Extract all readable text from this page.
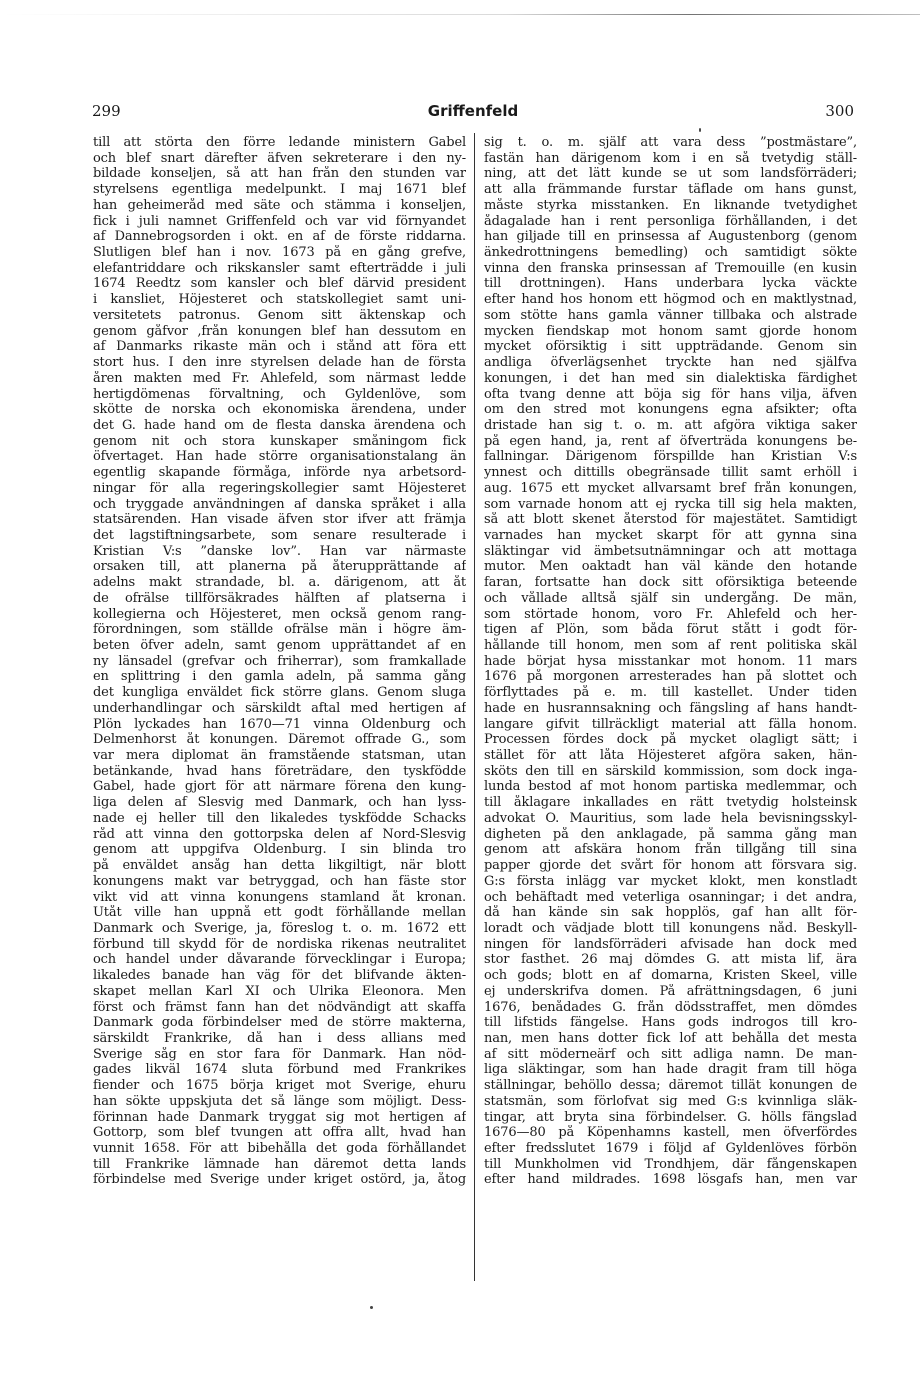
299	Griffenfeld	300
till att störta den förre ledande ministern Gabel
och blef snart därefter äfven sekreterare i den ny-
bildade konseljen, så att han från den stunden var
styrelsens egentliga medelpunkt. I maj 1671 blef
han geheimeråd med säte och stämma i konseljen,
fick i juli namnet Griffenfeld och var vid förnyandet
af Dannebrogsorden i okt. en af de förste riddarna.
Slutligen blef han i nov. 1673 på en gång grefve,
elefantriddare och rikskansler samt efterträdde i juli
1674 Reedtz som kansler och blef därvid president
i kansliet, Höjesteret och statskollegiet samt uni-
versitetets patronus. Genom sitt äktenskap och
genom gåfvor ,från konungen blef han dessutom en
af Danmarks rikaste män och i stånd att föra ett
stort hus. I den inre styrelsen delade han de första
åren makten med Fr. Ahlefeld, som närmast ledde
hertigdömenas förvaltning, och Gyldenlöve, som
skötte de norska och ekonomiska ärendena, under
det G. hade hand om de flesta danska ärendena och
genom nit och stora kunskaper småningom fick
öfvertaget. Han hade större organisationstalang än
egentlig skapande förmåga, införde nya arbetsord-
ningar för alla regeringskollegier samt Höjesteret
och tryggade användningen af danska språket i alla
statsärenden. Han visade äfven stor ifver att främja
det lagstiftningsarbete, som senare resulterade i
Kristian V:s ”danske lov”. Han var närmaste
orsaken till, att planerna på återupprättande af
adelns makt strandade, bl. a. därigenom, att åt
de ofrälse tillförsäkrades hälften af platserna i
kollegierna och Höjesteret, men också genom rang-
förordningen, som ställde ofrälse män i högre äm-
beten öfver adeln, samt genom upprättandet af en
ny länsadel (grefvar och friherrar), som framkallade
en splittring i den gamla adeln, på samma gång
det kungliga enväldet fick större glans. Genom sluga
underhandlingar och särskildt aftal med hertigen af
Plön lyckades han 1670—71 vinna Oldenburg och
Delmenhorst åt konungen. Däremot offrade G., som
var mera diplomat än framstående statsman, utan
betänkande, hvad hans företrädare, den tyskfödde
Gabel, hade gjort för att närmare förena den kung-
liga delen af Slesvig med Danmark, och han lyss-
nade ej heller till den likaledes tyskfödde Schacks
råd att vinna den gottorpska delen af Nord-Slesvig
genom att uppgifva Oldenburg. I sin blinda tro
på enväldet ansåg han detta likgiltigt, när blott
konungens makt var betryggad, och han fäste stor
vikt vid att vinna konungens stamland åt kronan.
Utåt ville han uppnå ett godt förhållande mellan
Danmark och Sverige, ja, föreslog t. o. m. 1672 ett
förbund till skydd för de nordiska rikenas neutralitet
och handel under dåvarande förvecklingar i Europa;
likaledes banade han väg för det blifvande äkten-
skapet mellan Karl XI och Ulrika Eleonora. Men
först och främst fann han det nödvändigt att skaffa
Danmark goda förbindelser med de större makterna,
särskildt Frankrike, då han i dess allians med
Sverige såg en stor fara för Danmark. Han nöd-
gades likväl 1674 sluta förbund med Frankrikes
fiender och 1675 börja kriget mot Sverige, ehuru
han sökte uppskjuta det så länge som möjligt. Dess-
förinnan hade Danmark tryggat sig mot hertigen af
Gottorp, som blef tvungen att offra allt, hvad han
vunnit 1658. För att bibehålla det goda förhållandet
till Frankrike lämnade han däremot detta lands
förbindelse med Sverige under kriget ostörd, ja, åtog
sig t. o. m. själf att vara dess ”postmästare”,
fastän han därigenom kom i en så tvetydig ställ-
ning, att det lätt kunde se ut som landsförräderi;
att alla främmande furstar täflade om hans gunst,
måste styrka misstanken. En liknande tvetydighet
ådagalade han i rent personliga förhållanden, i det
han giljade till en prinsessa af Augustenborg (genom
änkedrottningens bemedling) och samtidigt sökte
vinna den franska prinsessan af Tremouille (en kusin
till drottningen). Hans underbara lycka väckte
efter hand hos honom ett högmod och en maktlystnad,
som stötte hans gamla vänner tillbaka och alstrade
mycken fiendskap mot honom samt gjorde honom
mycket oförsiktig i sitt uppträdande. Genom sin
andliga öfverlägsenhet tryckte han ned själfva
konungen, i det han med sin dialektiska färdighet
ofta tvang denne att böja sig för hans vilja, äfven
om den stred mot konungens egna afsikter; ofta
dristade han sig t. o. m. att afgöra viktiga saker
på egen hand, ja, rent af öfverträda konungens be-
fallningar. Därigenom förspillde han Kristian V:s
ynnest och dittills obegränsade tillit samt erhöll i
aug. 1675 ett mycket allvarsamt bref från konungen,
som varnade honom att ej rycka till sig hela makten,
så att blott skenet återstod för majestätet. Samtidigt
varnades han mycket skarpt för att gynna sina
släktingar vid ämbetsutnämningar och att mottaga
mutor. Men oaktadt han väl kände den hotande
faran, fortsatte han dock sitt oförsiktiga beteende
och vållade alltså själf sin undergång. De män,
som störtade honom, voro Fr. Ahlefeld och her-
tigen af Plön, som båda förut stått i godt för-
hållande till honom, men som af rent politiska skäl
hade börjat hysa misstankar mot honom. 11 mars
1676 på morgonen arresterades han på slottet och
förflyttades på e. m. till kastellet. Under tiden
hade en husrannsakning och fängsling af hans handt-
langare gifvit tillräckligt material att fälla honom.
Processen fördes dock på mycket olagligt sätt; i
stället för att låta Höjesteret afgöra saken, hän-
sköts den till en särskild kommission, som dock inga-
lunda bestod af mot honom partiska medlemmar, och
till åklagare inkallades en rätt tvetydig holsteinsk
advokat O. Mauritius, som lade hela bevisningsskyl-
digheten på den anklagade, på samma gång man
genom att afskära honom från tillgång till sina
papper gjorde det svårt för honom att försvara sig.
G:s första inlägg var mycket klokt, men konstladt
och behäftadt med veterliga osanningar; i det andra,
då han kände sin sak hopplös, gaf han allt för-
loradt och vädjade blott till konungens nåd. Beskyll-
ningen för landsförräderi afvisade han dock med
stor fasthet. 26 maj dömdes G. att mista lif, ära
och gods; blott en af domarna, Kristen Skeel, ville
ej underskrifva domen. På afrättningsdagen, 6 juni
1676, benådades G. från dödsstraffet, men dömdes
till lifstids fängelse. Hans gods indrogos till kro-
nan, men hans dotter fick lof att behålla det mesta
af sitt möderneärf och sitt adliga namn. De man-
liga släktingar, som han hade dragit fram till höga
ställningar, behöllo dessa; däremot tillät konungen de
statsmän, som förlofvat sig med G:s kvinnliga släk-
tingar, att bryta sina förbindelser. G. hölls fängslad
1676—80 på Köpenhamns kastell, men öfverfördes
efter fredsslutet 1679 i följd af Gyldenlöves förbön
till Munkholmen vid Trondhjem, där fångenskapen
efter hand mildrades. 1698 lösgafs han, men var
